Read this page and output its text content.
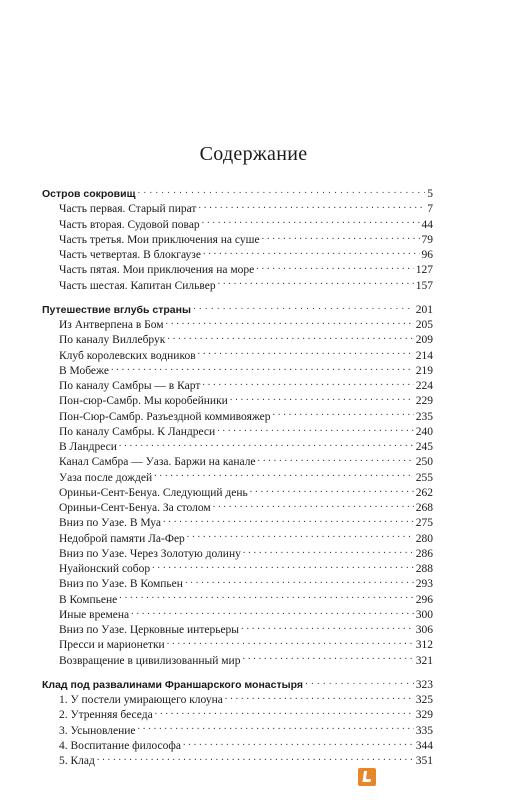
Содержание
Остров сокровищ . . .	5
Часть первая. Старый пират . . .	7
Часть вторая. Судовой повар . . .	44
Часть третья. Мои приключения на суше . . .	79
Часть четвертая. В блокгаузе . . .	96
Часть пятая. Мои приключения на море . . .	127
Часть шестая. Капитан Сильвер . . .	157
Путешествие вглубь страны . . .	201
Из Антверпена в Бом . . .	205
По каналу Виллебрук . . .	209
Клуб королевских водников . . .	214
В Мобеже . . .	219
По каналу Самбры — в Карт . . .	224
Пон-сюр-Самбр. Мы коробейники . . .	229
Пон-Сюр-Самбр. Разъездной коммивояжер . . .	235
По каналу Самбры. К Ландреси . . .	240
В Ландреси . . .	245
Канал Самбра — Уаза. Баржи на канале . . .	250
Уаза после дождей . . .	255
Ориньи-Сент-Бенуа. Следующий день . . .	262
Ориньи-Сент-Бенуа. За столом . . .	268
Вниз по Уазе. В Муа . . .	275
Недоброй памяти Ла-Фер . . .	280
Вниз по Уазе. Через Золотую долину . . .	286
Нуайонский собор . . .	288
Вниз по Уазе. В Компьен . . .	293
В Компьене . . .	296
Иные времена . . .	300
Вниз по Уазе. Церковные интерьеры . . .	306
Пресси и марионетки . . .	312
Возвращение в цивилизованный мир . . .	321
Клад под развалинами Франшарского монастыря . . .	323
1. У постели умирающего клоуна . . .	325
2. Утренняя беседа . . .	329
3. Усыновление . . .	335
4. Воспитание философа . . .	344
5. Клад . . .	351
